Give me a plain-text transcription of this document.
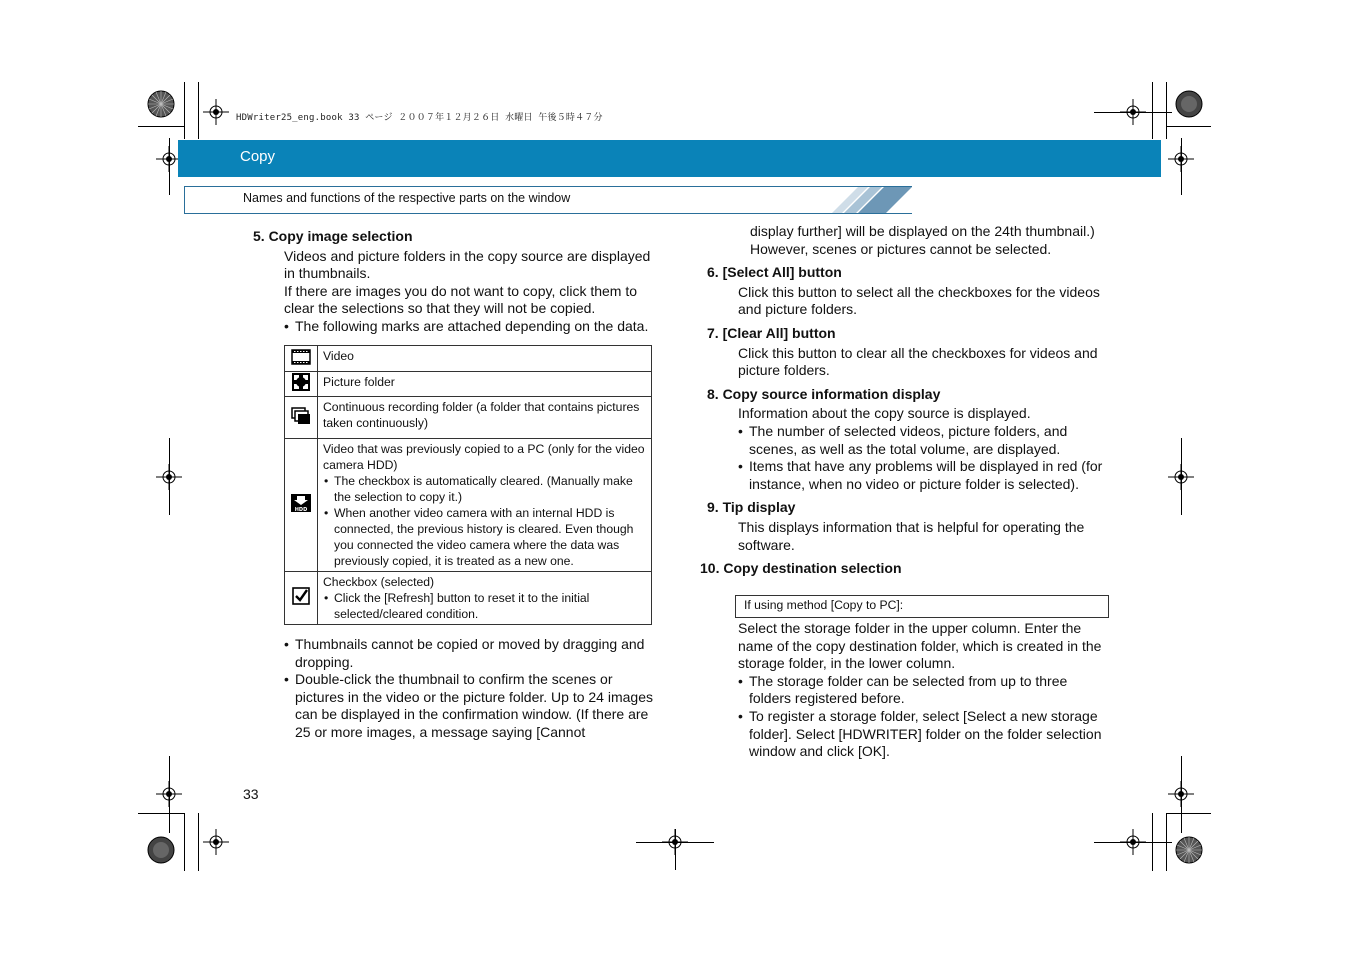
HDWriter25_eng.book 33 ページ ２００７年１２月２６日 水曜日 午後５時４７分
Copy
Names and functions of the respective parts on the window
5. Copy image selection
Videos and picture folders in the copy source are displayed in thumbnails.
If there are images you do not want to copy, click them to clear the selections so that they will not be copied.
• The following marks are attached depending on the data.
	Video
	Picture folder
	Continuous recording folder (a folder that contains pictures taken continuously)

HDD	Video that was previously copied to a PC (only for the video camera HDD)
• The checkbox is automatically cleared. (Manually make the selection to copy it.)
• When another video camera with an internal HDD is connected, the previous history is cleared. Even though you connected the video camera where the data was previously copied, it is treated as a new one.

Checkbox (selected)
• Click the [Refresh] button to reset it to the initial selected/cleared condition.
• Thumbnails cannot be copied or moved by dragging and dropping.
• Double-click the thumbnail to confirm the scenes or pictures in the video or the picture folder. Up to 24 images can be displayed in the confirmation window. (If there are 25 or more images, a message saying [Cannot
display further] will be displayed on the 24th thumbnail.) However, scenes or pictures cannot be selected.
6. [Select All] button
Click this button to select all the checkboxes for the videos and picture folders.
7. [Clear All] button
Click this button to clear all the checkboxes for videos and picture folders.
8. Copy source information display
Information about the copy source is displayed.
• The number of selected videos, picture folders, and scenes, as well as the total volume, are displayed.
• Items that have any problems will be displayed in red (for instance, when no video or picture folder is selected).
9. Tip display
This displays information that is helpful for operating the software.
10. Copy destination selection
If using method [Copy to PC]:
Select the storage folder in the upper column. Enter the name of the copy destination folder, which is created in the storage folder, in the lower column.
• The storage folder can be selected from up to three folders registered before.
• To register a storage folder, select [Select a new storage folder]. Select [HDWRITER] folder on the folder selection window and click [OK].
33
